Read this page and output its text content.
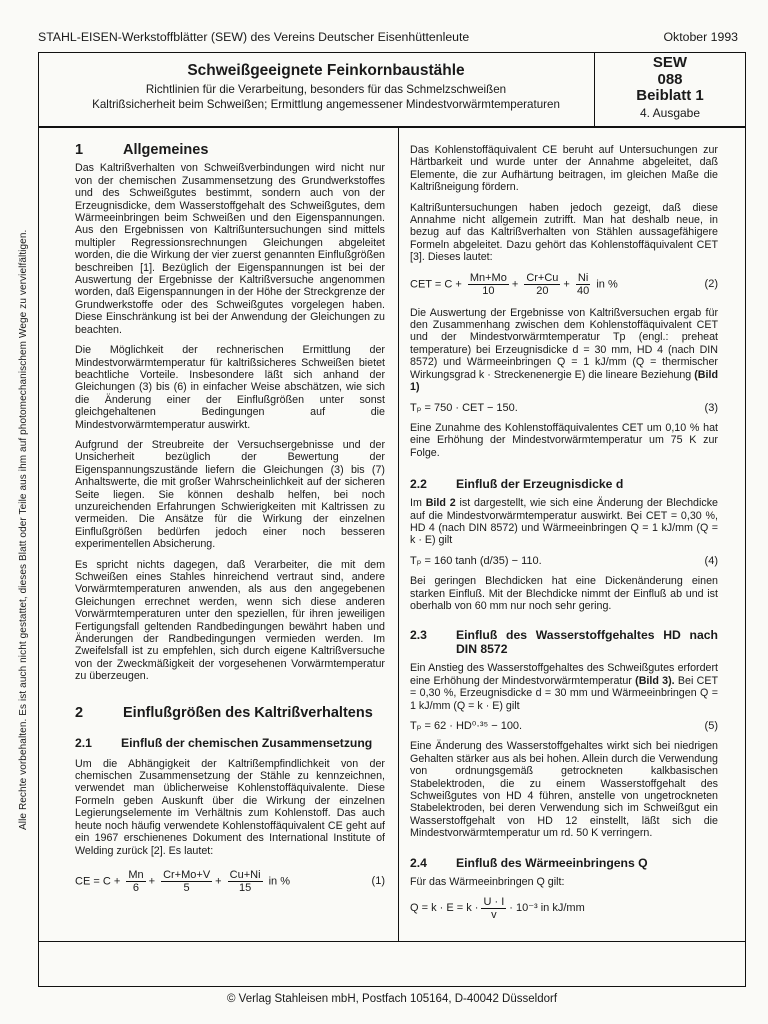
STAHL-EISEN-Werkstoffblätter (SEW) des Vereins Deutscher Eisenhüttenleute	Oktober 1993
Schweißgeeignete Feinkornbaustähle
Richtlinien für die Verarbeitung, besonders für das Schmelzschweißen
Kaltrißsicherheit beim Schweißen; Ermittlung angemessener Mindestvorwärmtemperaturen
SEW
088
Beiblatt 1
4. Ausgabe
Alle Rechte vorbehalten. Es ist auch nicht gestattet, dieses Blatt oder Teile aus ihm auf photomechanischem Wege zu vervielfältigen.
1	Allgemeines

Das Kaltrißverhalten von Schweißverbindungen wird nicht nur von der chemischen Zusammensetzung des Grundwerkstoffes und des Schweißgutes bestimmt, sondern auch von der Erzeugnisdicke, dem Wasserstoffgehalt des Schweißgutes, dem Wärmeeinbringen beim Schweißen und den Eigenspannungen. Aus den Ergebnissen von Kaltrißuntersuchungen sind mittels multipler Regressionsrechnungen Gleichungen abgeleitet worden, die die Wirkung der vier zuerst genannten Einflußgrößen beschreiben [1]. Bezüglich der Eigenspannungen ist bei der Auswertung der Ergebnisse der Kaltrißversuche angenommen worden, daß Eigenspannungen in der Höhe der Streckgrenze der Grundwerkstoffe oder des Schweißgutes vorgelegen haben. Diese Einschränkung ist bei der Anwendung der Gleichungen zu beachten.

Die Möglichkeit der rechnerischen Ermittlung der Mindestvorwärmtemperatur für kaltrißsicheres Schweißen bietet beachtliche Vorteile. Insbesondere läßt sich anhand der Gleichungen (3) bis (6) in einfacher Weise abschätzen, wie sich die Änderung einer der Einflußgrößen unter sonst gleichgehaltenen Bedingungen auf die Mindestvorwärmtemperatur auswirkt.

Aufgrund der Streubreite der Versuchsergebnisse und der Unsicherheit bezüglich der Bewertung der Eigenspannungszustände liefern die Gleichungen (3) bis (7) Anhaltswerte, die mit großer Wahrscheinlichkeit auf der sicheren Seite liegen. Sie können deshalb helfen, bei noch unzureichenden Erfahrungen Schwierigkeiten mit Kaltrissen zu vermeiden. Die Ansätze für die Wirkung der einzelnen Einflußgrößen bedürfen jedoch einer noch besseren experimentellen Absicherung.

Es spricht nichts dagegen, daß Verarbeiter, die mit dem Schweißen eines Stahles hinreichend vertraut sind, andere Vorwärmtemperaturen anwenden, als aus den angegebenen Gleichungen errechnet werden, wenn sich diese anderen Vorwärmtemperaturen unter den speziellen, für ihren jeweiligen Fertigungsfall geltenden Randbedingungen bewährt haben und Änderungen der Randbedingungen vermieden werden. Im Zweifelsfall ist zu empfehlen, sich durch eigene Kaltrißversuche von der Zweckmäßigkeit der vorgesehenen Vorwärmtemperatur zu überzeugen.

2	Einflußgrößen des Kaltrißverhaltens
2.1	Einfluß der chemischen Zusammensetzung

Um die Abhängigkeit der Kaltrißempfindlichkeit von der chemischen Zusammensetzung der Stähle zu kennzeichnen, verwendet man üblicherweise Kohlenstoffäquivalente. Diese Formeln geben Auskunft über die Wirkung der einzelnen Legierungselemente im Verhältnis zum Kohlenstoff. Das auch heute noch häufig verwendete Kohlenstoffäquivalent CE geht auf ein 1967 erschienenes Dokument des International Institute of Welding zurück [2]. Es lautet:

CE = $C + \frac{Mn}{6} + \frac{Cr+Mo+V}{5} + \frac{Cu+Ni}{15}$ in %	(1)

Das Kohlenstoffäquivalent CE beruht auf Untersuchungen zur Härtbarkeit und wurde unter der Annahme abgeleitet, daß Elemente, die zur Aufhärtung beitragen, im gleichen Maße die Kaltrißneigung fördern.

Kaltrißuntersuchungen haben jedoch gezeigt, daß diese Annahme nicht allgemein zutrifft. Man hat deshalb neue, in bezug auf das Kaltrißverhalten von Stählen aussagefähigere Formeln abgeleitet. Dazu gehört das Kohlenstoffäquivalent CET [3]. Dieses lautet:

CET = $C + \frac{Mn+Mo}{10} + \frac{Cr+Cu}{20} + \frac{Ni}{40}$ in %	(2)

Die Auswertung der Ergebnisse von Kaltrißversuchen ergab für den Zusammenhang zwischen dem Kohlenstoffäquivalent CET und der Mindestvorwärmtemperatur Tp (engl.: preheat temperature) bei Erzeugnisdicke d = 30 mm, HD 4 (nach DIN 8572) und Wärmeeinbringen Q = 1 kJ/mm (Q = thermischer Wirkungsgrad k · Streckenenergie E) die lineare Beziehung (Bild 1)

Tₚ = 750 · CET − 150.	(3)

Eine Zunahme des Kohlenstoffäquivalentes CET um 0,10 % hat eine Erhöhung der Mindestvorwärmtemperatur um 75 K zur Folge.

2.2	Einfluß der Erzeugnisdicke d

Im Bild 2 ist dargestellt, wie sich eine Änderung der Blechdicke auf die Mindestvorwärmtemperatur auswirkt. Bei CET = 0,30 %, HD 4 (nach DIN 8572) und Wärmeeinbringen Q = 1 kJ/mm (Q = k · E) gilt

Tₚ = 160 tanh (d/35) − 110.	(4)

Bei geringen Blechdicken hat eine Dickenänderung einen starken Einfluß. Mit der Blechdicke nimmt der Einfluß ab und ist oberhalb von 60 mm nur noch sehr gering.

2.3	Einfluß des Wasserstoffgehaltes HD nach DIN 8572

Ein Anstieg des Wasserstoffgehaltes des Schweißgutes erfordert eine Erhöhung der Mindestvorwärmtemperatur (Bild 3). Bei CET = 0,30 %, Erzeugnisdicke d = 30 mm und Wärmeeinbringen Q = 1 kJ/mm (Q = k · E) gilt

Tₚ = 62 · HD⁰·³⁵ − 100.	(5)

Eine Änderung des Wasserstoffgehaltes wirkt sich bei niedrigen Gehalten stärker aus als bei hohen. Allein durch die Verwendung von ordnungsgemäß getrockneten kalkbasischen Stabelektroden, die zu einem Wasserstoffgehalt des Schweißgutes von HD 4 führen, anstelle von ungetrockneten Stabelektroden, bei deren Verwendung sich im Schweißgut ein Wasserstoffgehalt von HD 12 einstellt, läßt sich die Mindestvorwärmtemperatur um rd. 50 K verringern.

2.4	Einfluß des Wärmeeinbringens Q

Für das Wärmeeinbringen Q gilt:

$Q = k \cdot E = k \cdot \frac{U \cdot I}{v} \cdot 10^{-3}$ in kJ/mm
© Verlag Stahleisen mbH, Postfach 105164, D-40042 Düsseldorf
